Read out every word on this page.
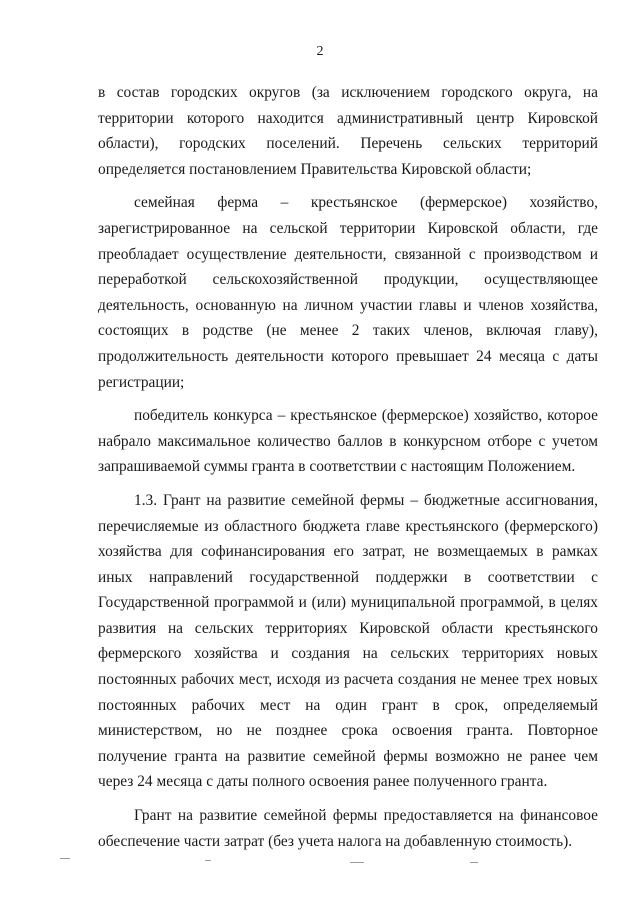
2

в состав городских округов (за исключением городского округа, на территории которого находится административный центр Кировской области), городских поселений. Перечень сельских территорий определяется постановлением Правительства Кировской области;

семейная ферма – крестьянское (фермерское) хозяйство, зарегистрированное на сельской территории Кировской области, где преобладает осуществление деятельности, связанной с производством и переработкой сельскохозяйственной продукции, осуществляющее деятельность, основанную на личном участии главы и членов хозяйства, состоящих в родстве (не менее 2 таких членов, включая главу), продолжительность деятельности которого превышает 24 месяца с даты регистрации;

победитель конкурса – крестьянское (фермерское) хозяйство, которое набрало максимальное количество баллов в конкурсном отборе с учетом запрашиваемой суммы гранта в соответствии с настоящим Положением.

1.3. Грант на развитие семейной фермы – бюджетные ассигнования, перечисляемые из областного бюджета главе крестьянского (фермерского) хозяйства для софинансирования его затрат, не возмещаемых в рамках иных направлений государственной поддержки в соответствии с Государственной программой и (или) муниципальной программой, в целях развития на сельских территориях Кировской области крестьянского фермерского хозяйства и создания на сельских территориях новых постоянных рабочих мест, исходя из расчета создания не менее трех новых постоянных рабочих мест на один грант в срок, определяемый министерством, но не позднее срока освоения гранта. Повторное получение гранта на развитие семейной фермы возможно не ранее чем через 24 месяца с даты полного освоения ранее полученного гранта.

Грант на развитие семейной фермы предоставляется на финансовое обеспечение части затрат (без учета налога на добавленную стоимость).
